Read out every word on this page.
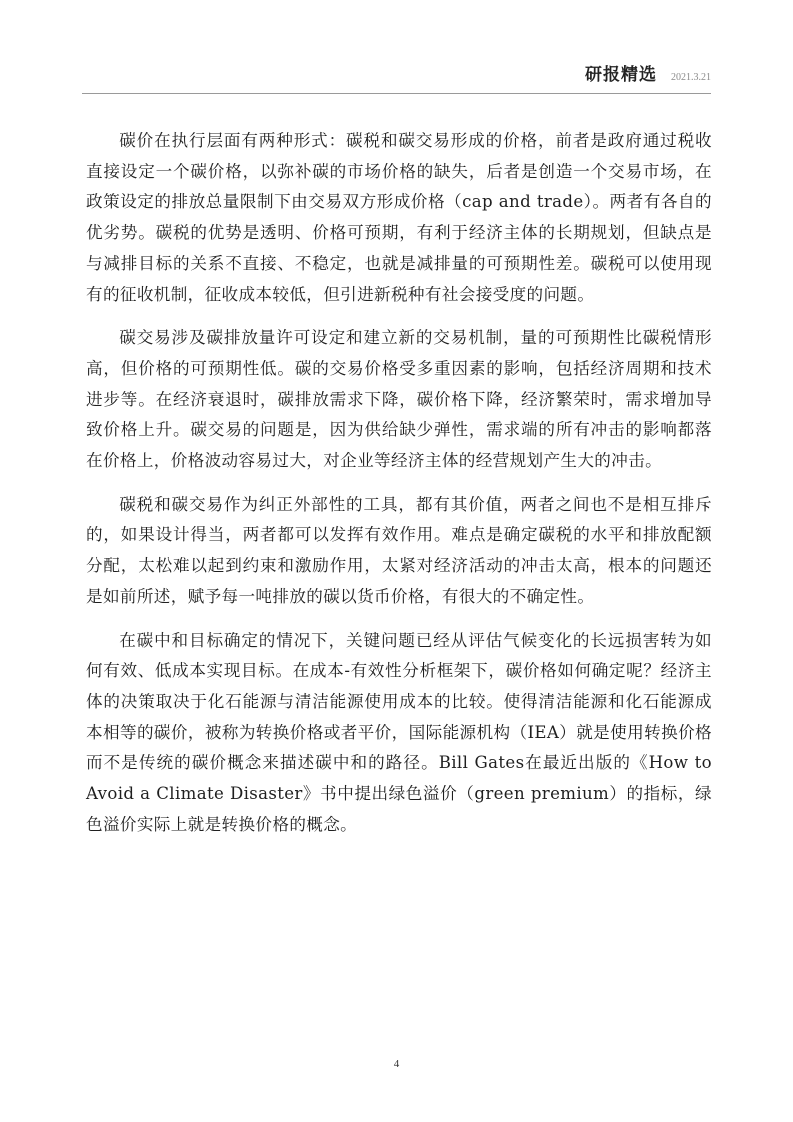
研报精选 2021.3.21

碳价在执行层面有两种形式：碳税和碳交易形成的价格，前者是政府通过税收直接设定一个碳价格，以弥补碳的市场价格的缺失，后者是创造一个交易市场，在政策设定的排放总量限制下由交易双方形成价格（cap and trade）。两者有各自的优劣势。碳税的优势是透明、价格可预期，有利于经济主体的长期规划，但缺点是与减排目标的关系不直接、不稳定，也就是减排量的可预期性差。碳税可以使用现有的征收机制，征收成本较低，但引进新税种有社会接受度的问题。

碳交易涉及碳排放量许可设定和建立新的交易机制，量的可预期性比碳税情形高，但价格的可预期性低。碳的交易价格受多重因素的影响，包括经济周期和技术进步等。在经济衰退时，碳排放需求下降，碳价格下降，经济繁荣时，需求增加导致价格上升。碳交易的问题是，因为供给缺少弹性，需求端的所有冲击的影响都落在价格上，价格波动容易过大，对企业等经济主体的经营规划产生大的冲击。

碳税和碳交易作为纠正外部性的工具，都有其价值，两者之间也不是相互排斥的，如果设计得当，两者都可以发挥有效作用。难点是确定碳税的水平和排放配额分配，太松难以起到约束和激励作用，太紧对经济活动的冲击太高，根本的问题还是如前所述，赋予每一吨排放的碳以货币价格，有很大的不确定性。

在碳中和目标确定的情况下，关键问题已经从评估气候变化的长远损害转为如何有效、低成本实现目标。在成本-有效性分析框架下，碳价格如何确定呢？经济主体的决策取决于化石能源与清洁能源使用成本的比较。使得清洁能源和化石能源成本相等的碳价，被称为转换价格或者平价，国际能源机构（IEA）就是使用转换价格而不是传统的碳价概念来描述碳中和的路径。Bill Gates在最近出版的《How to Avoid a Climate Disaster》书中提出绿色溢价（green premium）的指标，绿色溢价实际上就是转换价格的概念。

4
